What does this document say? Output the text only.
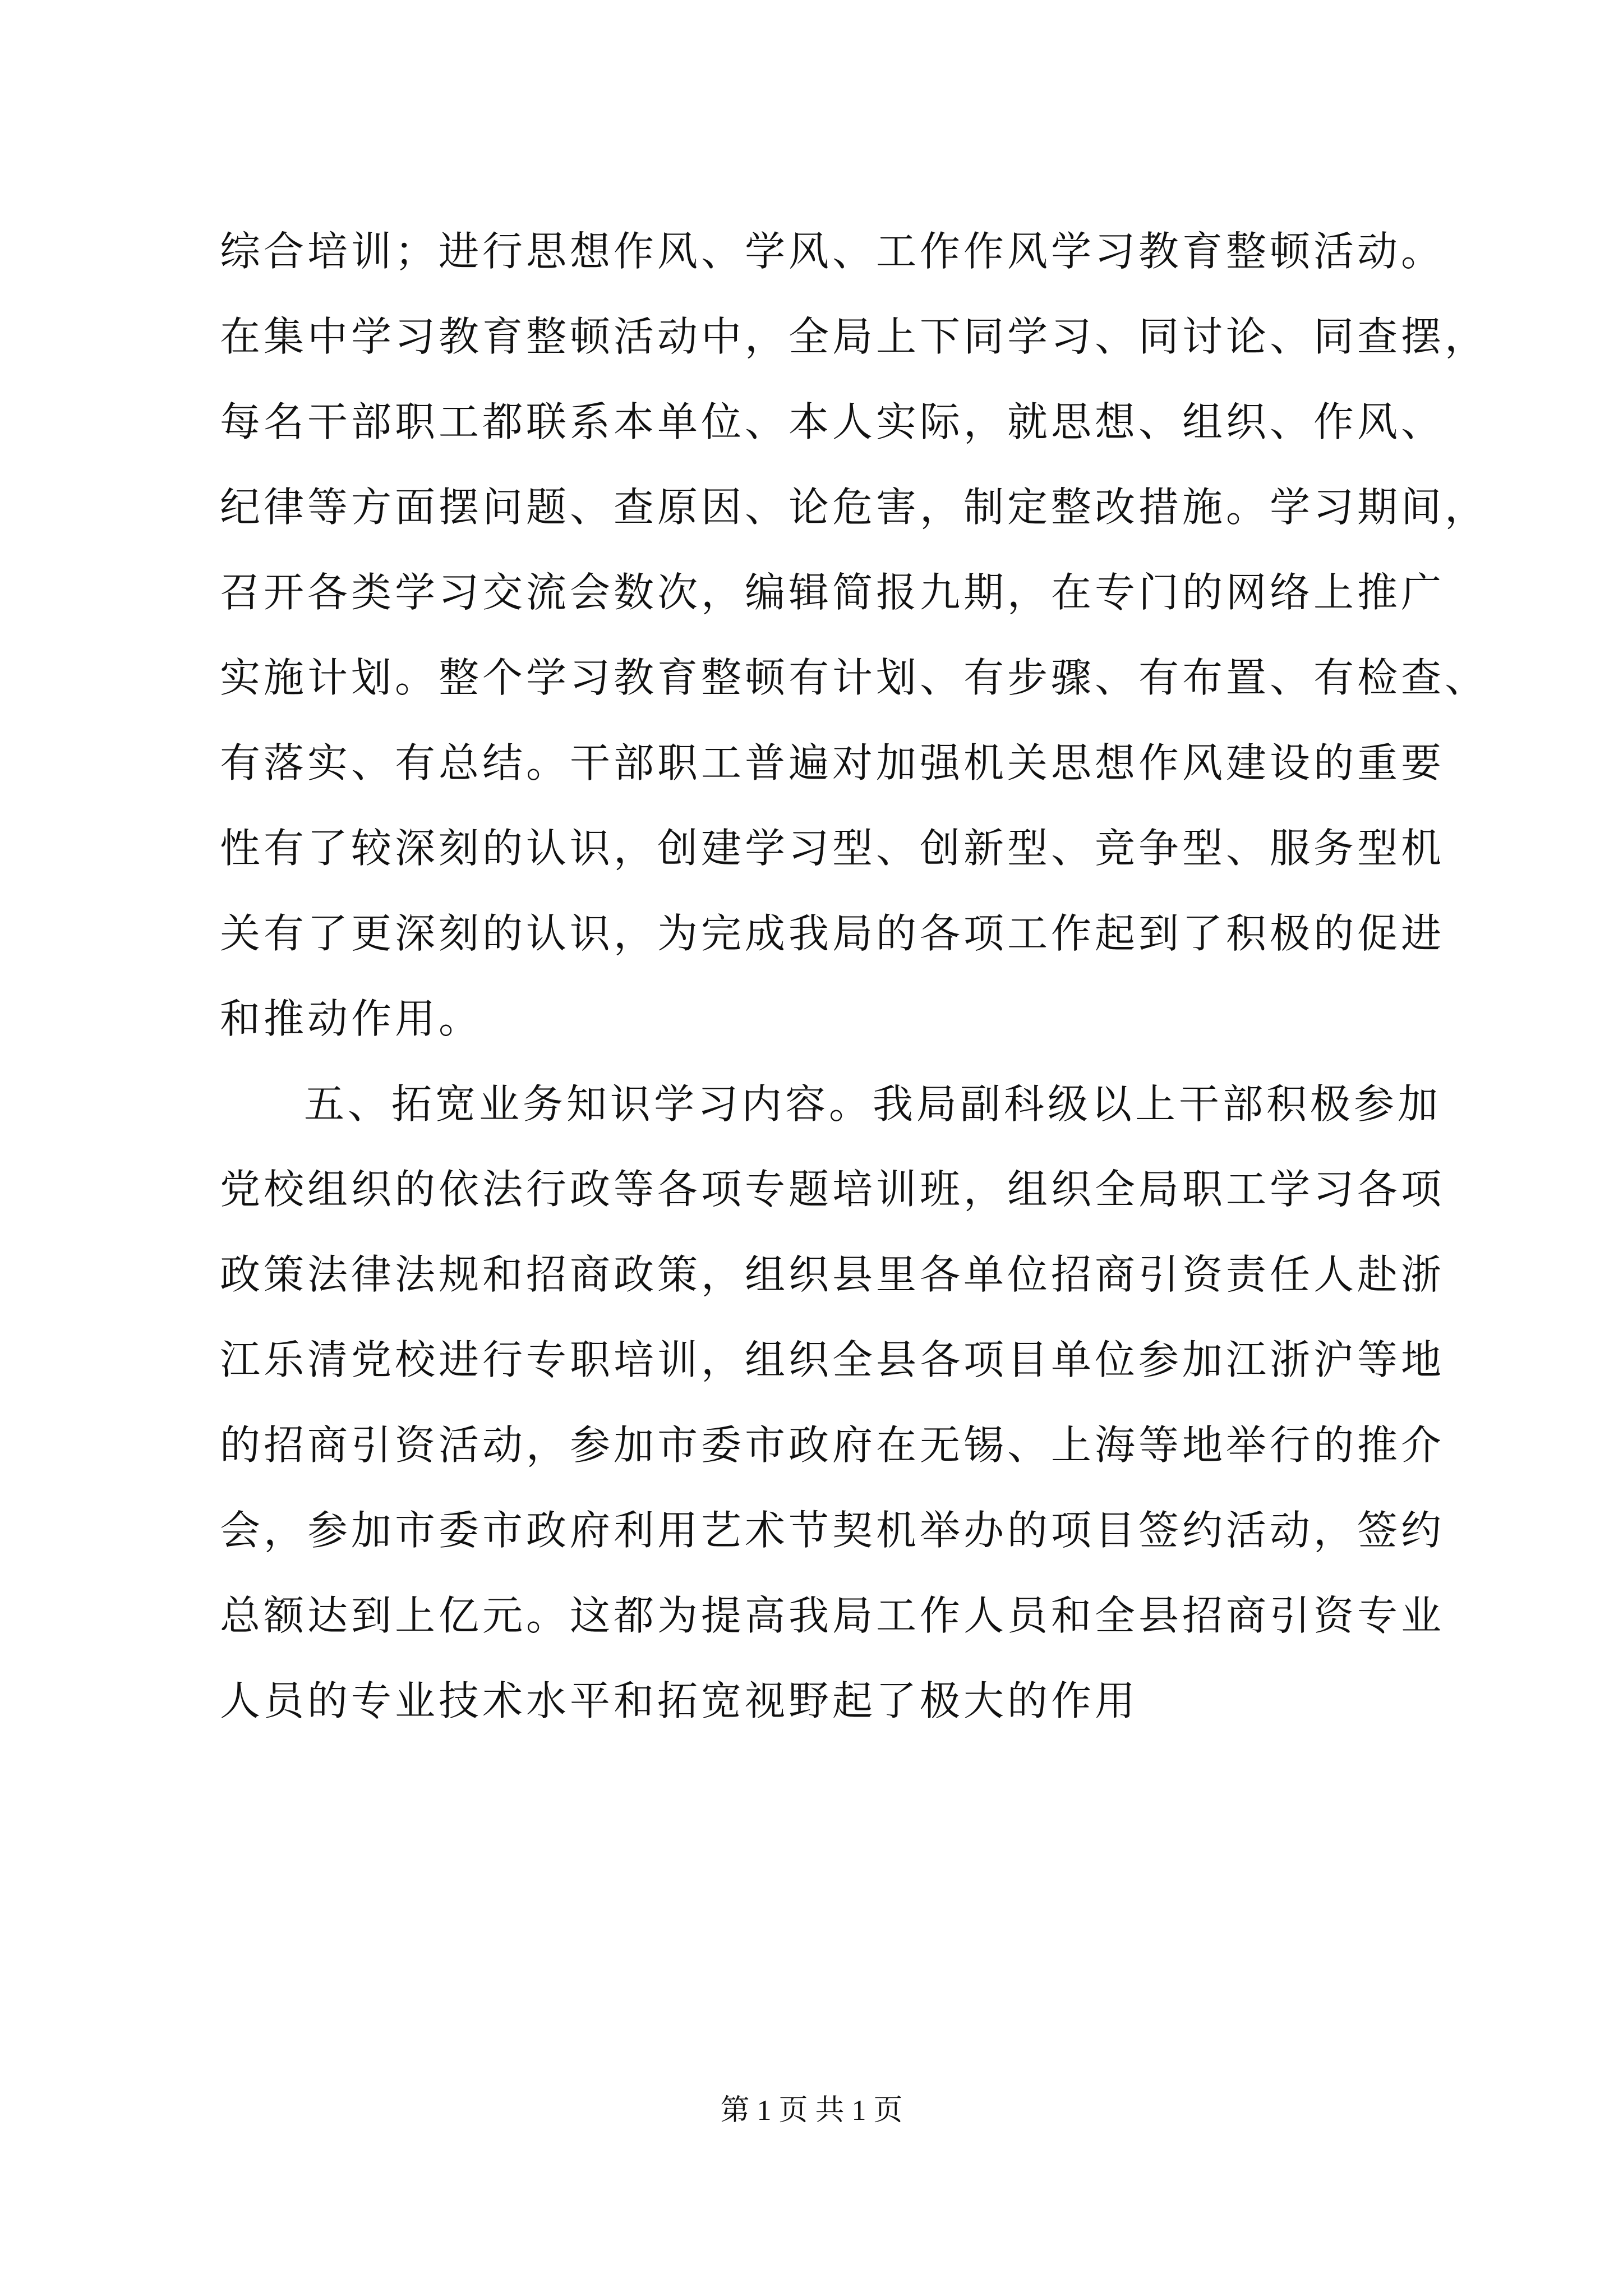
综合培训；进行思想作风、学风、工作作风学习教育整顿活动。
在集中学习教育整顿活动中，全局上下同学习、同讨论、同查摆，
每名干部职工都联系本单位、本人实际，就思想、组织、作风、
纪律等方面摆问题、查原因、论危害，制定整改措施。学习期间，
召开各类学习交流会数次，编辑简报九期，在专门的网络上推广
实施计划。整个学习教育整顿有计划、有步骤、有布置、有检查、
有落实、有总结。干部职工普遍对加强机关思想作风建设的重要
性有了较深刻的认识，创建学习型、创新型、竞争型、服务型机
关有了更深刻的认识，为完成我局的各项工作起到了积极的促进
和推动作用。
五、拓宽业务知识学习内容。我局副科级以上干部积极参加
党校组织的依法行政等各项专题培训班，组织全局职工学习各项
政策法律法规和招商政策，组织县里各单位招商引资责任人赴浙
江乐清党校进行专职培训，组织全县各项目单位参加江浙沪等地
的招商引资活动，参加市委市政府在无锡、上海等地举行的推介
会，参加市委市政府利用艺术节契机举办的项目签约活动，签约
总额达到上亿元。这都为提高我局工作人员和全县招商引资专业
人员的专业技术水平和拓宽视野起了极大的作用
第 1 页 共 1 页
